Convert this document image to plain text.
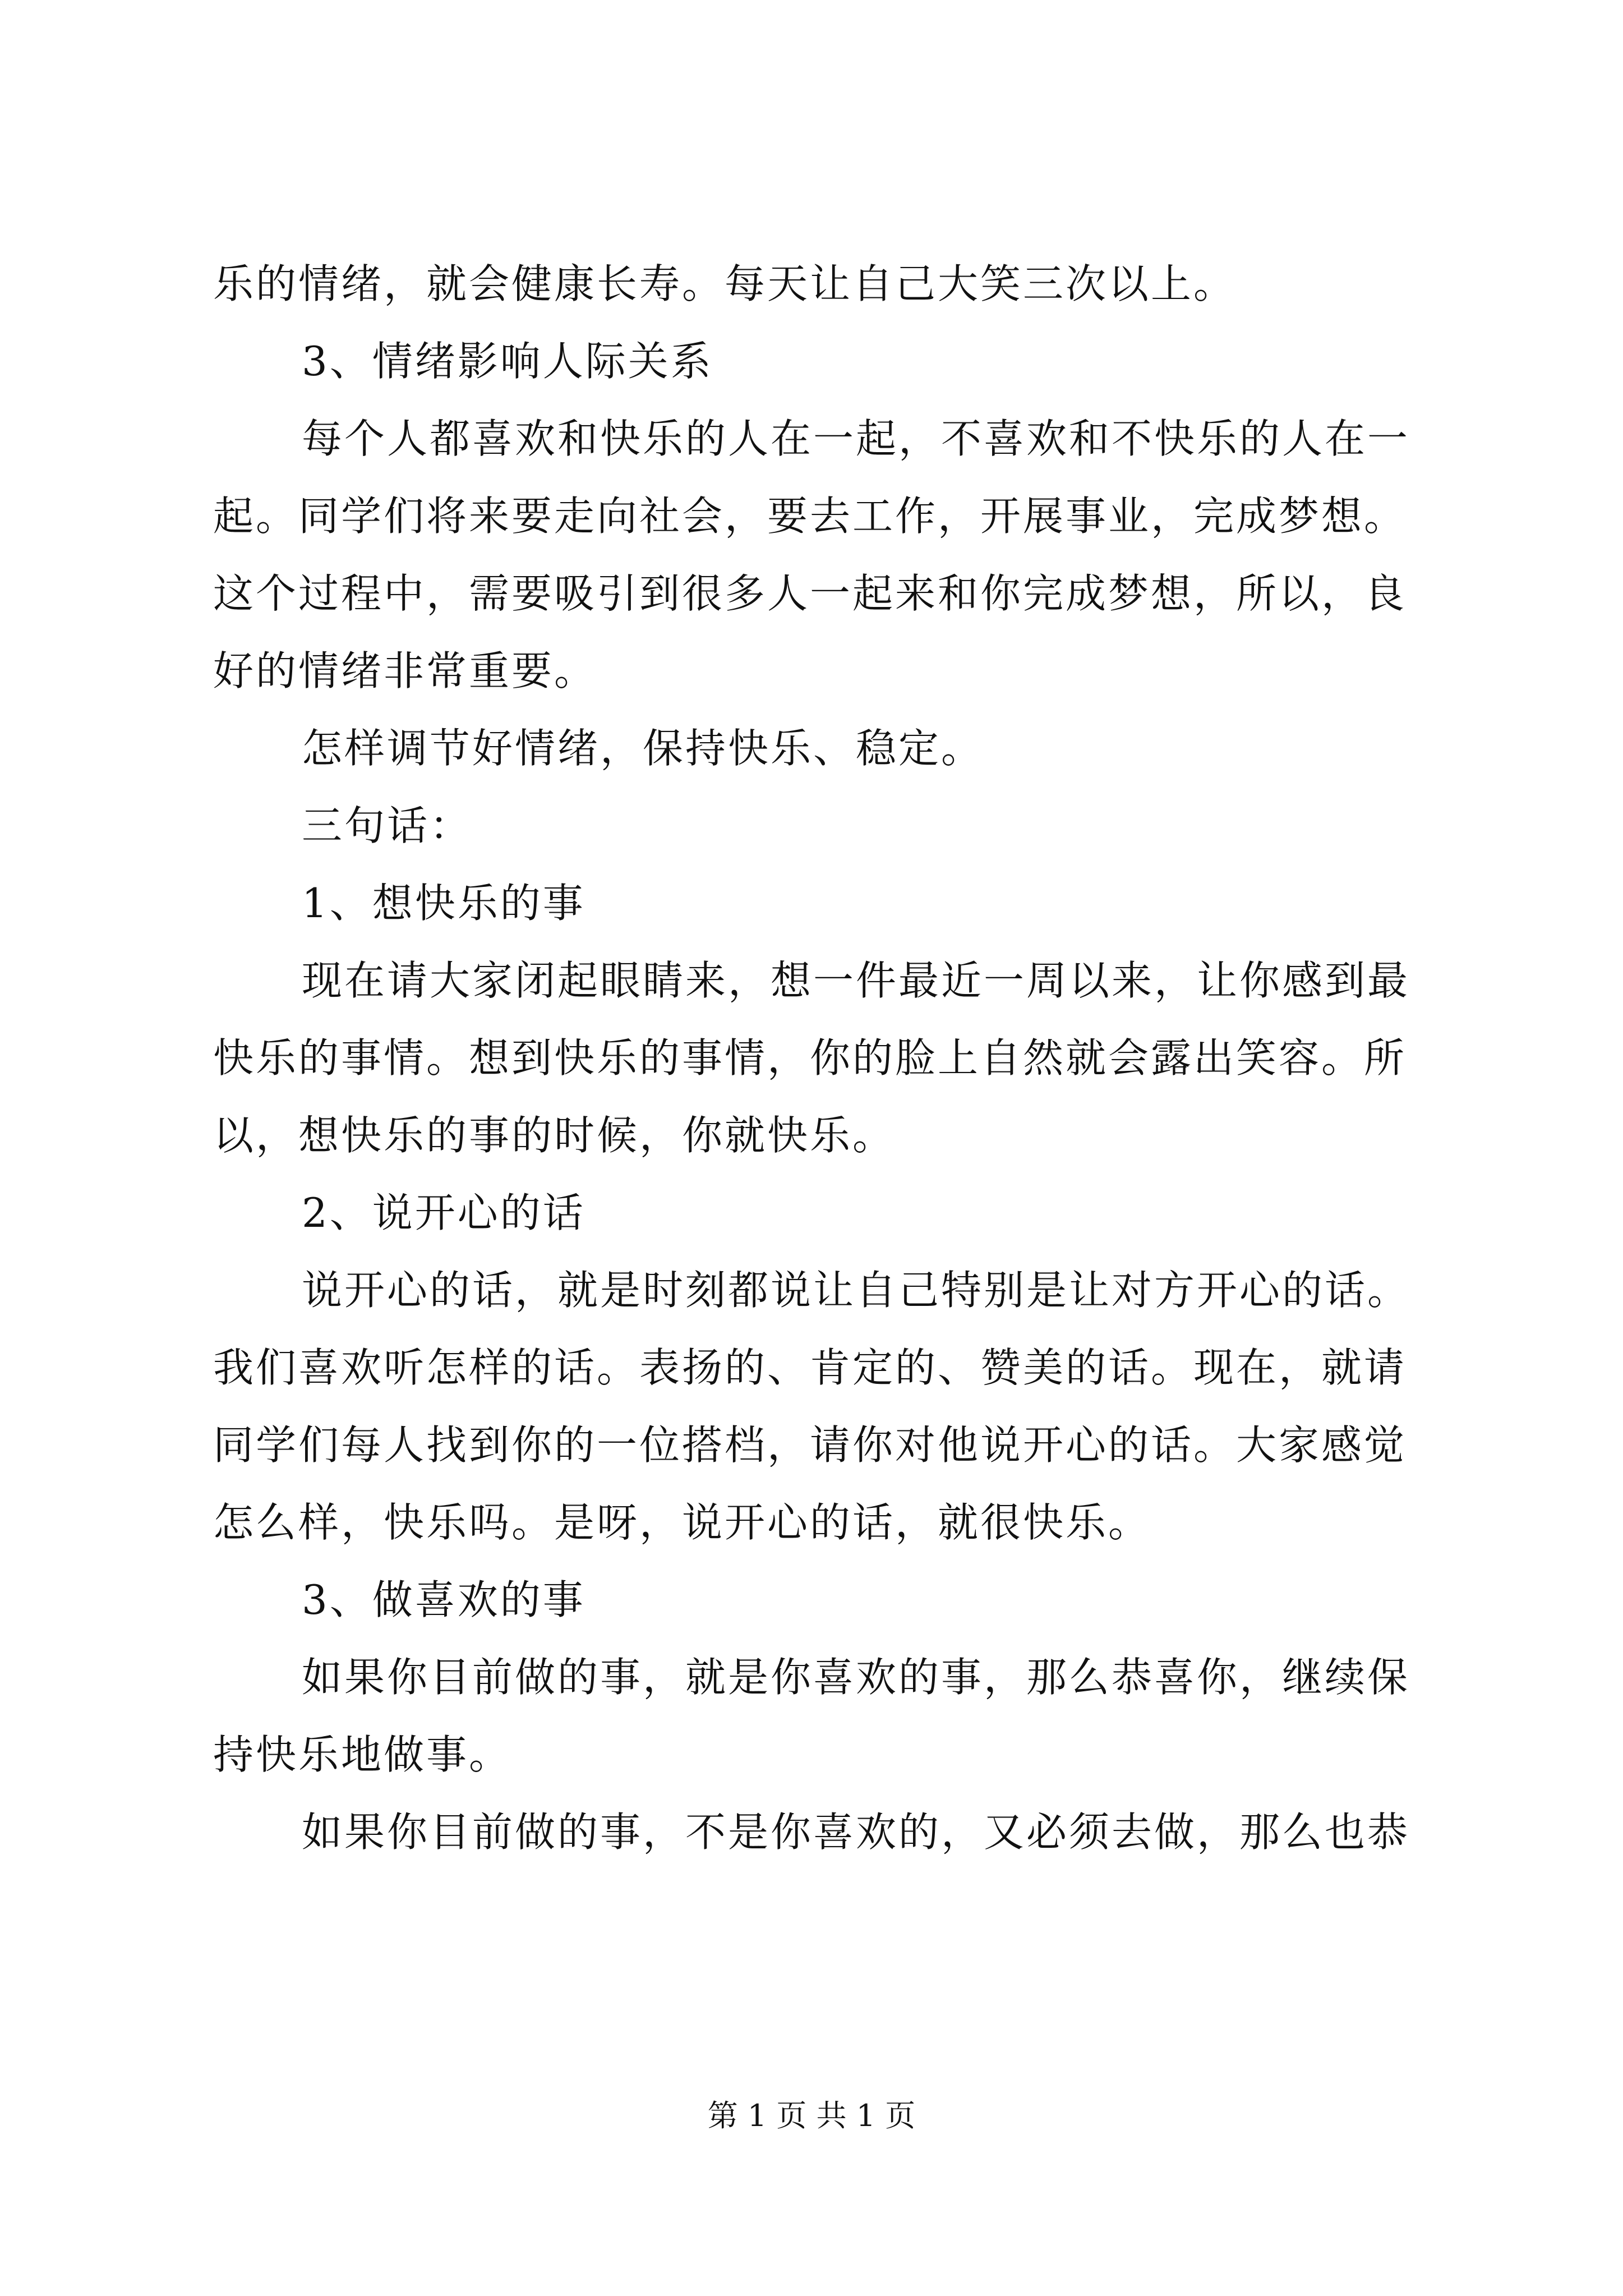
乐的情绪，就会健康长寿。每天让自己大笑三次以上。
3、情绪影响人际关系
每个人都喜欢和快乐的人在一起，不喜欢和不快乐的人在一
起。同学们将来要走向社会，要去工作，开展事业，完成梦想。
这个过程中，需要吸引到很多人一起来和你完成梦想，所以，良
好的情绪非常重要。
怎样调节好情绪，保持快乐、稳定。
三句话：
1、想快乐的事
现在请大家闭起眼睛来，想一件最近一周以来，让你感到最
快乐的事情。想到快乐的事情，你的脸上自然就会露出笑容。所
以，想快乐的事的时候，你就快乐。
2、说开心的话
说开心的话，就是时刻都说让自己特别是让对方开心的话。
我们喜欢听怎样的话。表扬的、肯定的、赞美的话。现在，就请
同学们每人找到你的一位搭档，请你对他说开心的话。大家感觉
怎么样，快乐吗。是呀，说开心的话，就很快乐。
3、做喜欢的事
如果你目前做的事，就是你喜欢的事，那么恭喜你，继续保
持快乐地做事。
如果你目前做的事，不是你喜欢的，又必须去做，那么也恭
第 1 页 共 1 页
